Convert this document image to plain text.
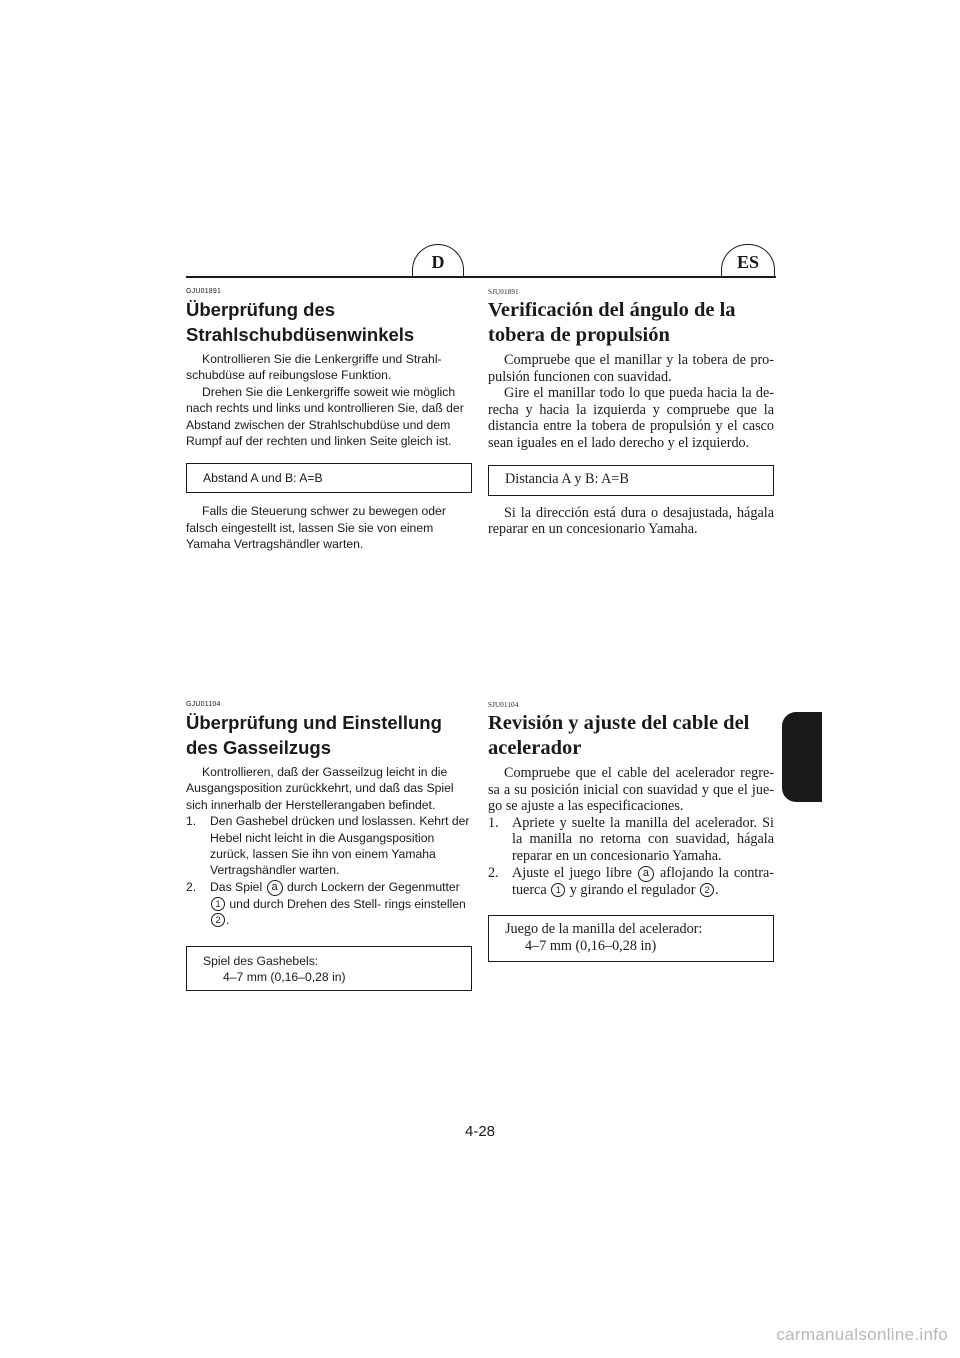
D	ES

GJU01891

Überprüfung des Strahlschubdüsenwinkels

Kontrollieren Sie die Lenkergriffe und Strahl- schubdüse auf reibungslose Funktion.

Drehen Sie die Lenkergriffe soweit wie möglich nach rechts und links und kontrollieren Sie, daß der Abstand zwischen der Strahlschubdüse und dem Rumpf auf der rechten und linken Seite gleich ist.

Abstand A und B: A=B

Falls die Steuerung schwer zu bewegen oder falsch eingestellt ist, lassen Sie sie von einem Yamaha Vertragshändler warten.

SJU01891

Verificación del ángulo de la tobera de propulsión

Compruebe que el manillar y la tobera de pro- pulsión funcionen con suavidad.

Gire el manillar todo lo que pueda hacia la de- recha y hacia la izquierda y compruebe que la distancia entre la tobera de propulsión y el casco sean iguales en el lado derecho y el izquierdo.

Distancia A y B: A=B

Si la dirección está dura o desajustada, hágala reparar en un concesionario Yamaha.

GJU01104

Überprüfung und Einstellung des Gasseilzugs

Kontrollieren, daß der Gasseilzug leicht in die Ausgangsposition zurückkehrt, und daß das Spiel sich innerhalb der Herstellerangaben befindet.

1.	Den Gashebel drücken und loslassen. Kehrt der Hebel nicht leicht in die Ausgangsposition zurück, lassen Sie ihn von einem Yamaha Vertragshändler warten.
2.	Das Spiel a durch Lockern der Gegenmutter 1 und durch Drehen des Stell- rings einstellen 2 .
Spiel des Gashebels:
4–7 mm (0,16–0,28 in)

SJU01104

Revisión y ajuste del cable del acelerador

Compruebe que el cable del acelerador regre- sa a su posición inicial con suavidad y que el jue- go se ajuste a las especificaciones.

1. Apriete y suelte la manilla del acelerador. Si la manilla no retorna con suavidad, hágala reparar en un concesionario Yamaha.
2. Ajuste el juego libre a aflojando la contra- tuerca 1 y girando el regulador 2 .
Juego de la manilla del acelerador:
4–7 mm (0,16–0,28 in)
4-28
carmanualsonline.info
